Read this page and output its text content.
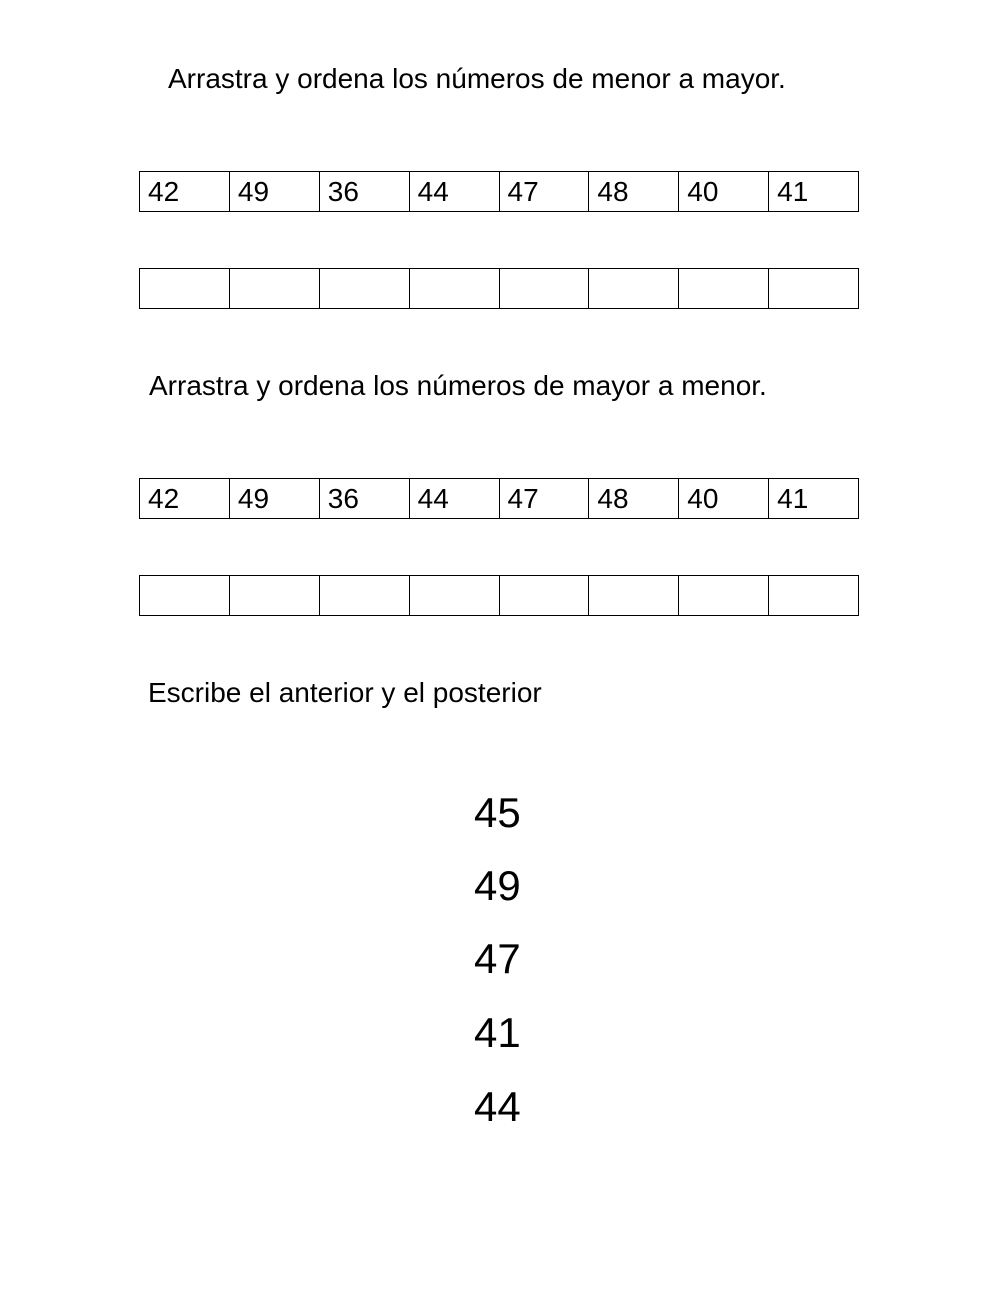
Arrastra y ordena los números de menor a mayor.
42	49	36	44	47	48	40	41
Arrastra y ordena los números de mayor a menor.
42	49	36	44	47	48	40	41
Escribe el anterior y el posterior
45
49
47
41
44
